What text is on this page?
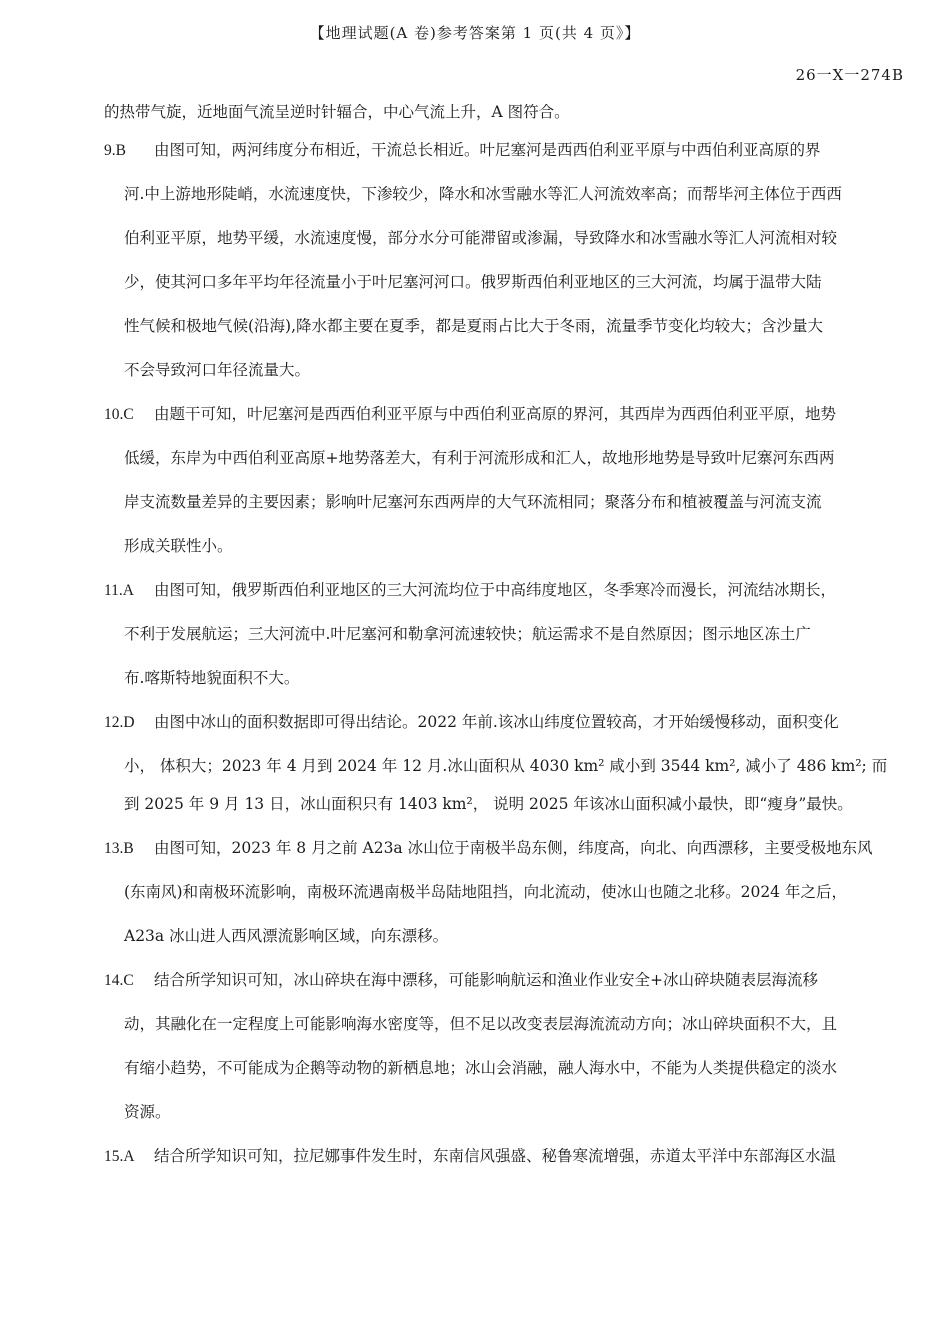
【地理试题(A 卷)参考答案第 1 页(共 4 页》】
26一X一274B
的热带气旋，近地面气流呈逆时针辐合，中心气流上升，A 图符合。
9.B 由图可知，两河纬度分布相近，干流总长相近。叶尼塞河是西西伯利亚平原与中西伯利亚高原的界
河.中上游地形陡峭，水流速度快，下渗较少，降水和冰雪融水等汇人河流效率高；而帮毕河主体位于西西
伯利亚平原，地势平缓，水流速度慢，部分水分可能滞留或渗漏，导致降水和冰雪融水等汇人河流相对较
少，使其河口多年平均年径流量小于叶尼塞河河口。俄罗斯西伯利亚地区的三大河流，均属于温带大陆
性气候和极地气候(沿海),降水都主要在夏季，都是夏雨占比大于冬雨，流量季节变化均较大；含沙量大
不会导致河口年径流量大。
10.C 由题干可知，叶尼塞河是西西伯利亚平原与中西伯利亚高原的界河，其西岸为西西伯利亚平原，地势
低缓，东岸为中西伯利亚高原+地势落差大，有利于河流形成和汇人，故地形地势是导致叶尼寨河东西两
岸支流数量差异的主要因素；影响叶尼塞河东西两岸的大气环流相同；聚落分布和植被覆盖与河流支流
形成关联性小。
11.A 由图可知，俄罗斯西伯利亚地区的三大河流均位于中高纬度地区，冬季寒冷而漫长，河流结冰期长，
不利于发展航运；三大河流中.叶尼塞河和勒拿河流速较快；航运需求不是自然原因；图示地区冻土广
布.喀斯特地貌面积不大。
12.D 由图中冰山的面积数据即可得出结论。2022 年前.该冰山纬度位置较高，才开始缓慢移动，面积变化
小， 体积大；2023 年 4 月到 2024 年 12 月.冰山面积从 4030 km² 咸小到 3544 km², 减小了 486 km²; 而
到 2025 年 9 月 13 日，冰山面积只有 1403 km²， 说明 2025 年该冰山面积减小最快，即“瘦身”最快。
13.B 由图可知，2023 年 8 月之前 A23a 冰山位于南极半岛东侧，纬度高，向北、向西漂移，主要受极地东风
(东南风)和南极环流影响，南极环流遇南极半岛陆地阻挡，向北流动，使冰山也随之北移。2024 年之后，
A23a 冰山进人西风漂流影响区域，向东漂移。
14.C 结合所学知识可知，冰山碎块在海中漂移，可能影响航运和渔业作业安全+冰山碎块随表层海流移
动，其融化在一定程度上可能影响海水密度等，但不足以改变表层海流流动方向；冰山碎块面积不大，且
有缩小趋势，不可能成为企鹅等动物的新栖息地；冰山会消融，融人海水中，不能为人类提供稳定的淡水
资源。
15.A 结合所学知识可知，拉尼娜事件发生时，东南信风强盛、秘鲁寒流增强，赤道太平洋中东部海区水温
